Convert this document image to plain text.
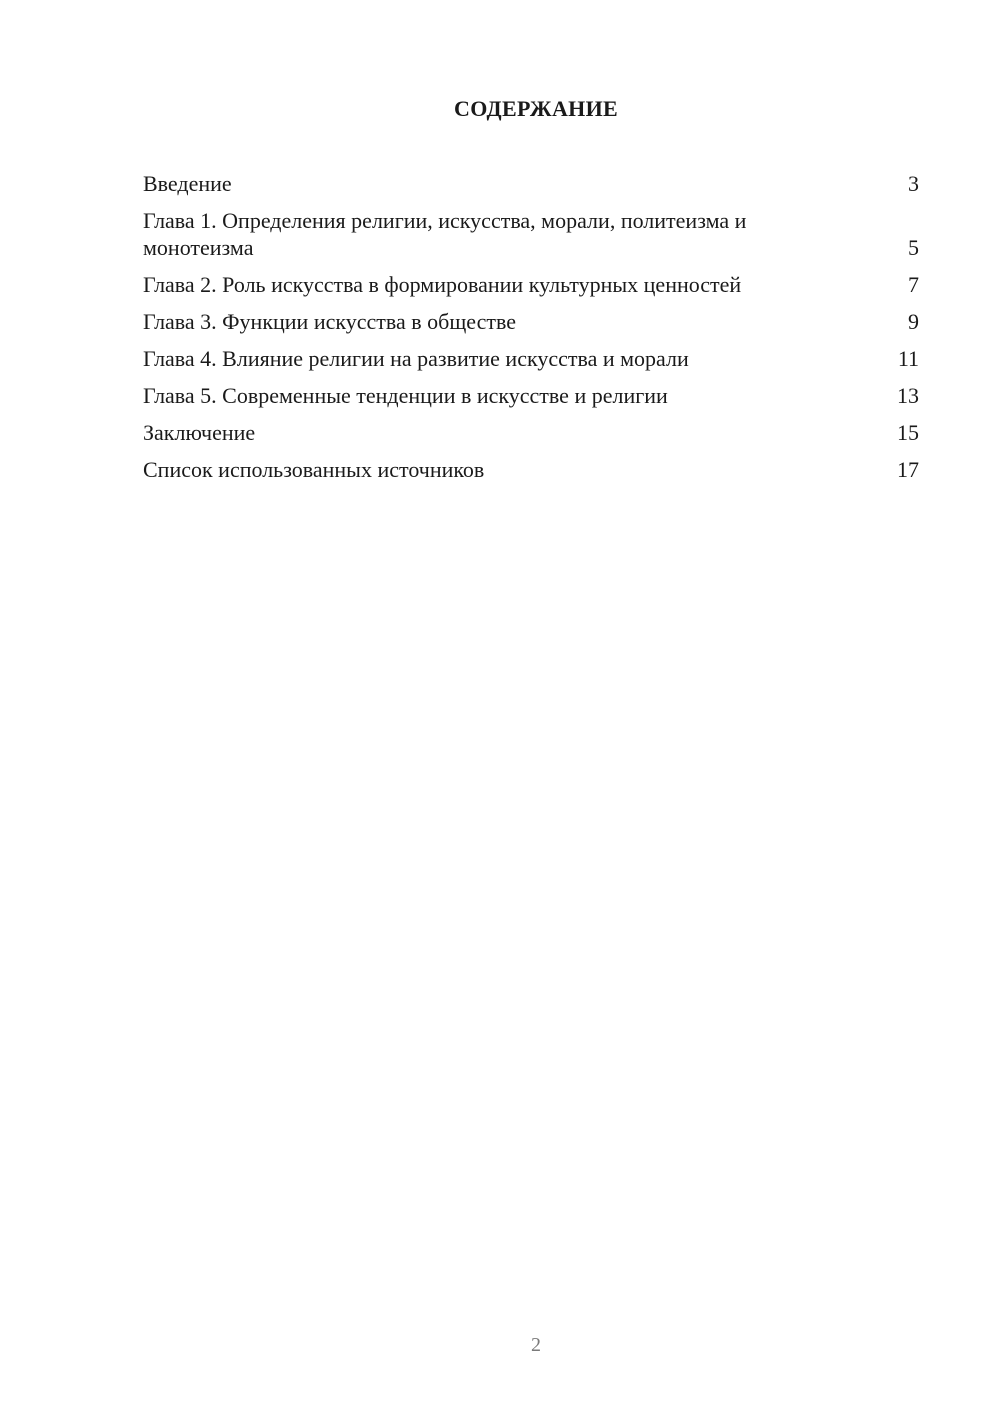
СОДЕРЖАНИЕ
Введение	3
Глава 1. Определения религии, искусства, морали, политеизма и монотеизма	5
Глава 2. Роль искусства в формировании культурных ценностей	7
Глава 3. Функции искусства в обществе	9
Глава 4. Влияние религии на развитие искусства и морали	11
Глава 5. Современные тенденции в искусстве и религии	13
Заключение	15
Список использованных источников	17
2
